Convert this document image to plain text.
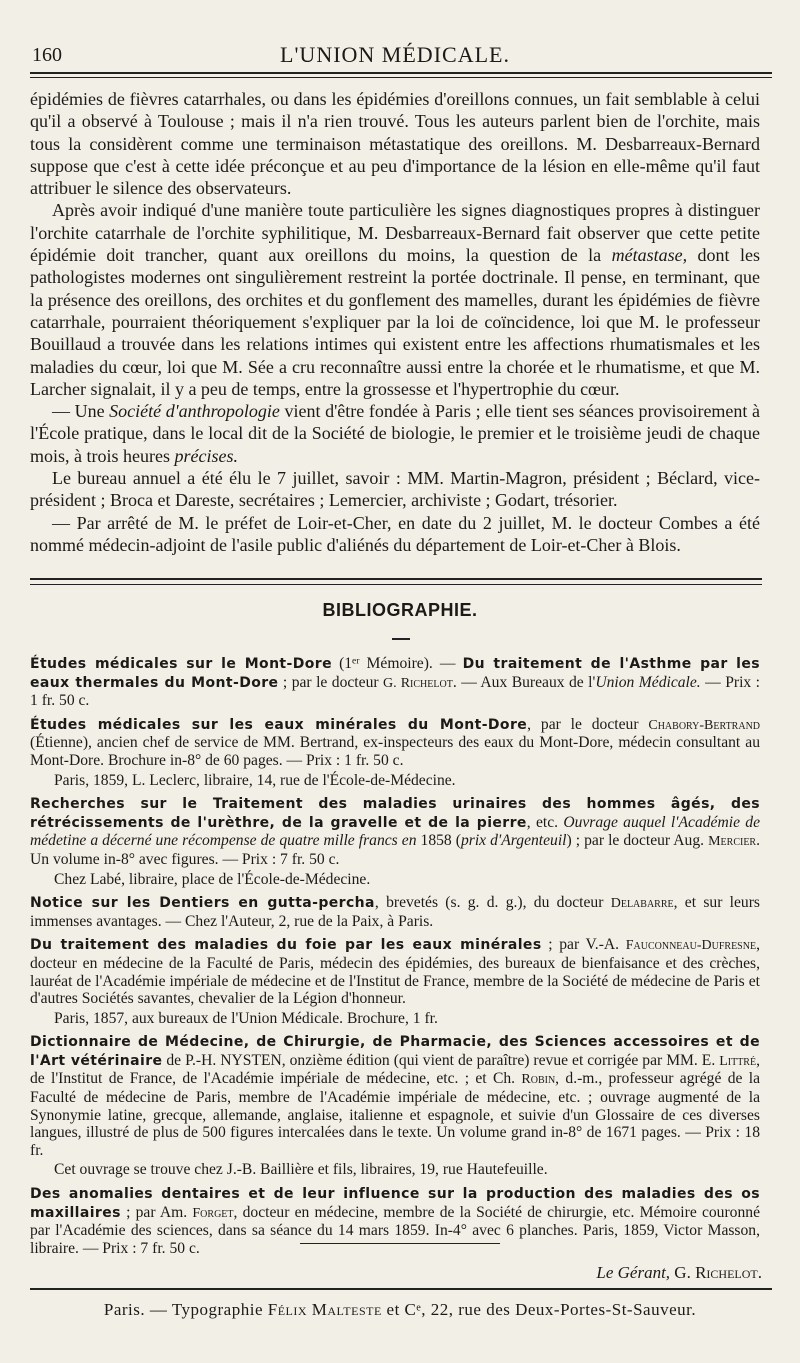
160	L'UNION MÉDICALE.

épidémies de fièvres catarrhales, ou dans les épidémies d'oreillons connues, un fait semblable à celui qu'il a observé à Toulouse ; mais il n'a rien trouvé. Tous les auteurs parlent bien de l'orchite, mais tous la considèrent comme une terminaison métastatique des oreillons. M. Desbarreaux-Bernard suppose que c'est à cette idée préconçue et au peu d'importance de la lésion en elle-même qu'il faut attribuer le silence des observateurs.

Après avoir indiqué d'une manière toute particulière les signes diagnostiques propres à distinguer l'orchite catarrhale de l'orchite syphilitique, M. Desbarreaux-Bernard fait observer que cette petite épidémie doit trancher, quant aux oreillons du moins, la question de la métastase, dont les pathologistes modernes ont singulièrement restreint la portée doctrinale. Il pense, en terminant, que la présence des oreillons, des orchites et du gonflement des mamelles, durant les épidémies de fièvre catarrhale, pourraient théoriquement s'expliquer par la loi de coïncidence, loi que M. le professeur Bouillaud a trouvée dans les relations intimes qui existent entre les affections rhumatismales et les maladies du cœur, loi que M. Sée a cru reconnaître aussi entre la chorée et le rhumatisme, et que M. Larcher signalait, il y a peu de temps, entre la grossesse et l'hypertrophie du cœur.

— Une Société d'anthropologie vient d'être fondée à Paris ; elle tient ses séances provisoirement à l'École pratique, dans le local dit de la Société de biologie, le premier et le troisième jeudi de chaque mois, à trois heures précises.

Le bureau annuel a été élu le 7 juillet, savoir : MM. Martin-Magron, président ; Béclard, vice-président ; Broca et Dareste, secrétaires ; Lemercier, archiviste ; Godart, trésorier.

— Par arrêté de M. le préfet de Loir-et-Cher, en date du 2 juillet, M. le docteur Combes a été nommé médecin-adjoint de l'asile public d'aliénés du département de Loir-et-Cher à Blois.

BIBLIOGRAPHIE.

Études médicales sur le Mont-Dore (1ᵉʳ Mémoire). — Du traitement de l'Asthme par les eaux thermales du Mont-Dore ; par le docteur G. Richelot. — Aux Bureaux de l'Union Médicale. — Prix : 1 fr. 50 c.

Études médicales sur les eaux minérales du Mont-Dore, par le docteur Chabory-Bertrand (Étienne), ancien chef de service de MM. Bertrand, ex-inspecteurs des eaux du Mont-Dore, médecin consultant au Mont-Dore. Brochure in-8° de 60 pages. — Prix : 1 fr. 50 c.

Paris, 1859, L. Leclerc, libraire, 14, rue de l'École-de-Médecine.

Recherches sur le Traitement des maladies urinaires des hommes âgés, des rétrécissements de l'urèthre, de la gravelle et de la pierre, etc. Ouvrage auquel l'Académie de médetine a décerné une récompense de quatre mille francs en 1858 (prix d'Argenteuil) ; par le docteur Aug. Mercier. Un volume in-8° avec figures. — Prix : 7 fr. 50 c.

Chez Labé, libraire, place de l'École-de-Médecine.

Notice sur les Dentiers en gutta-percha, brevetés (s. g. d. g.), du docteur Delabarre, et sur leurs immenses avantages. — Chez l'Auteur, 2, rue de la Paix, à Paris.

Du traitement des maladies du foie par les eaux minérales ; par V.-A. Fauconneau-Dufresne, docteur en médecine de la Faculté de Paris, médecin des épidémies, des bureaux de bienfaisance et des crèches, lauréat de l'Académie impériale de médecine et de l'Institut de France, membre de la Société de médecine de Paris et d'autres Sociétés savantes, chevalier de la Légion d'honneur.

Paris, 1857, aux bureaux de l'Union Médicale. Brochure, 1 fr.

Dictionnaire de Médecine, de Chirurgie, de Pharmacie, des Sciences accessoires et de l'Art vétérinaire de P.-H. NYSTEN, onzième édition (qui vient de paraître) revue et corrigée par MM. E. Littré, de l'Institut de France, de l'Académie impériale de médecine, etc. ; et Ch. Robin, d.-m., professeur agrégé de la Faculté de médecine de Paris, membre de l'Académie impériale de médecine, etc. ; ouvrage augmenté de la Synonymie latine, grecque, allemande, anglaise, italienne et espagnole, et suivie d'un Glossaire de ces diverses langues, illustré de plus de 500 figures intercalées dans le texte. Un volume grand in-8° de 1671 pages. — Prix : 18 fr.

Cet ouvrage se trouve chez J.-B. Baillière et fils, libraires, 19, rue Hautefeuille.

Des anomalies dentaires et de leur influence sur la production des maladies des os maxillaires ; par Am. Forget, docteur en médecine, membre de la Société de chirurgie, etc. Mémoire couronné par l'Académie des sciences, dans sa séance du 14 mars 1859. In-4° avec 6 planches. Paris, 1859, Victor Masson, libraire. — Prix : 7 fr. 50 c.

Le Gérant, G. Richelot.
Paris. — Typographie Félix Malteste et Cᵉ, 22, rue des Deux-Portes-St-Sauveur.
